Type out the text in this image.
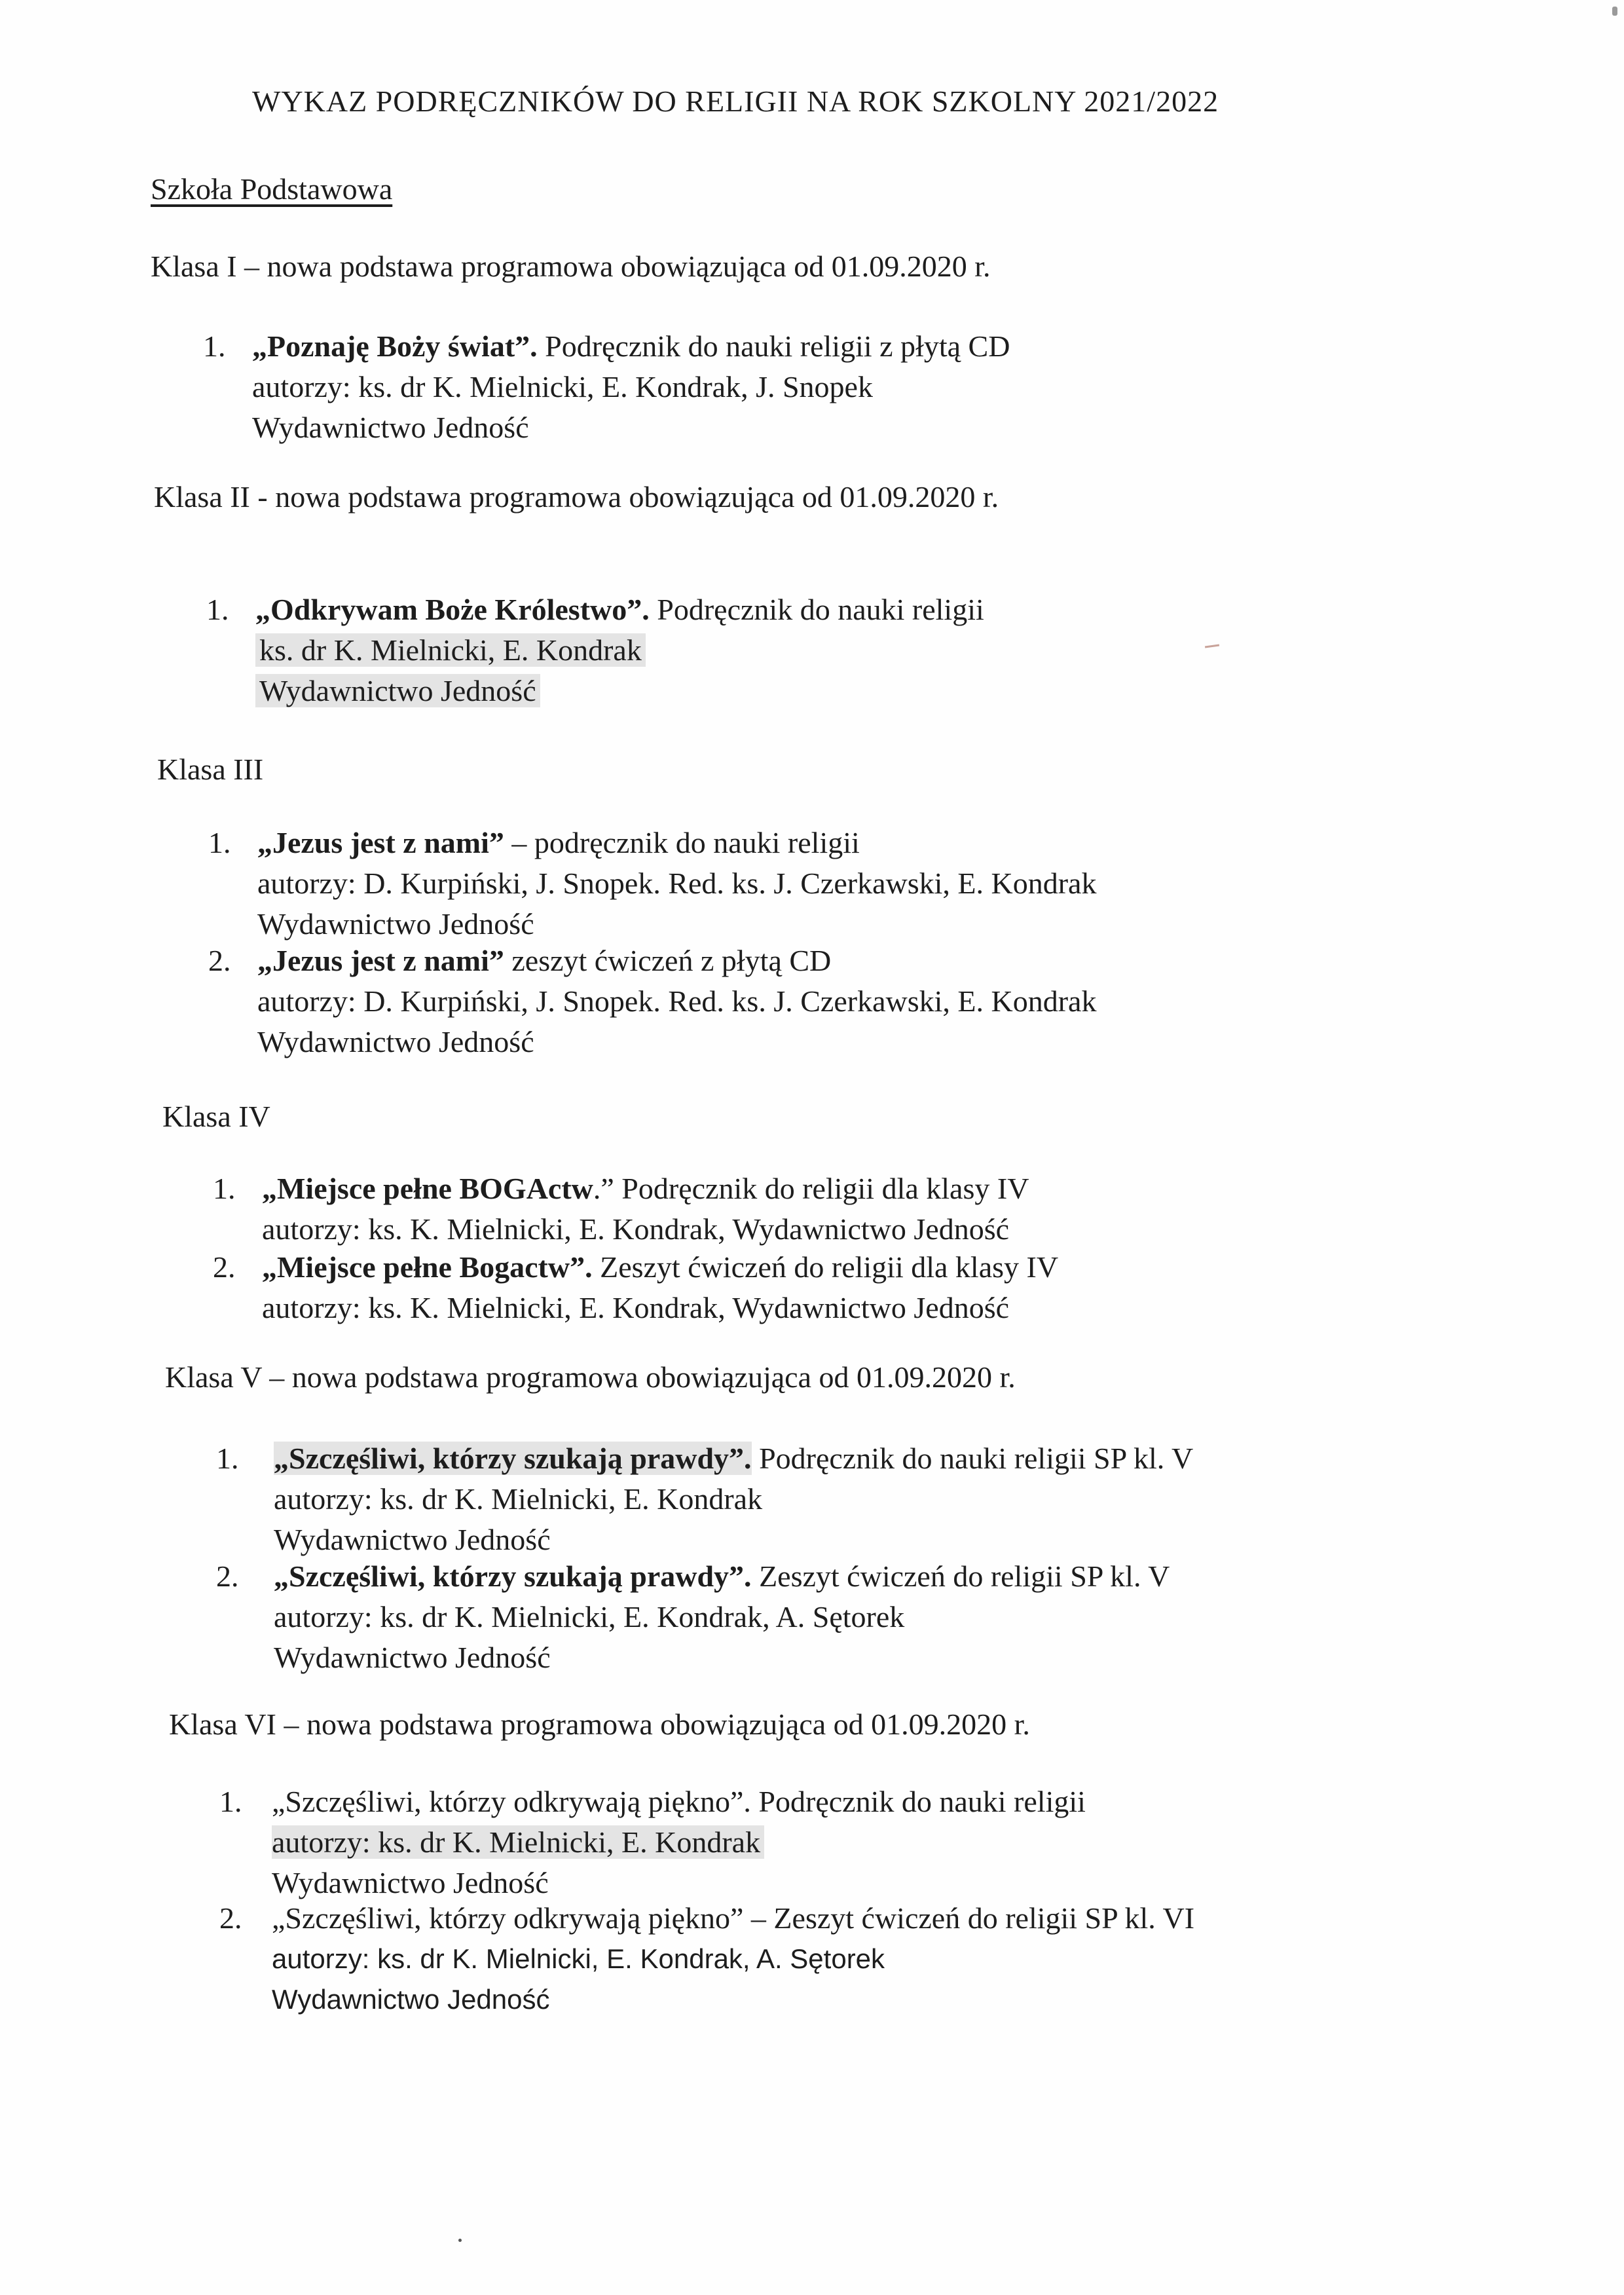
WYKAZ PODRĘCZNIKÓW DO RELIGII NA ROK SZKOLNY 2021/2022
Szkoła Podstawowa
Klasa I – nowa podstawa programowa obowiązująca od 01.09.2020 r.
1. „Poznaję Boży świat”. Podręcznik do nauki religii z płytą CD
autorzy: ks. dr K. Mielnicki, E. Kondrak, J. Snopek
Wydawnictwo Jedność
Klasa II - nowa podstawa programowa obowiązująca od 01.09.2020 r.
1. „Odkrywam Boże Królestwo”. Podręcznik do nauki religii
ks. dr K. Mielnicki, E. Kondrak
Wydawnictwo Jedność
Klasa III
1. „Jezus jest z nami” – podręcznik do nauki religii
autorzy: D. Kurpiński, J. Snopek. Red. ks. J. Czerkawski, E. Kondrak
Wydawnictwo Jedność
2. „Jezus jest z nami” zeszyt ćwiczeń z płytą CD
autorzy: D. Kurpiński, J. Snopek. Red. ks. J. Czerkawski, E. Kondrak
Wydawnictwo Jedność
Klasa IV
1. „Miejsce pełne BOGActw.” Podręcznik do religii dla klasy IV
autorzy: ks. K. Mielnicki, E. Kondrak, Wydawnictwo Jedność
2. „Miejsce pełne Bogactw”. Zeszyt ćwiczeń do religii dla klasy IV
autorzy: ks. K. Mielnicki, E. Kondrak, Wydawnictwo Jedność
Klasa V – nowa podstawa programowa obowiązująca od 01.09.2020 r.
1. „Szczęśliwi, którzy szukają prawdy”. Podręcznik do nauki religii SP kl. V
autorzy: ks. dr K. Mielnicki, E. Kondrak
Wydawnictwo Jedność
2. „Szczęśliwi, którzy szukają prawdy”. Zeszyt ćwiczeń do religii SP kl. V
autorzy: ks. dr K. Mielnicki, E. Kondrak, A. Sętorek
Wydawnictwo Jedność
Klasa VI – nowa podstawa programowa obowiązująca od 01.09.2020 r.
1. „Szczęśliwi, którzy odkrywają piękno”. Podręcznik do nauki religii
autorzy: ks. dr K. Mielnicki, E. Kondrak
Wydawnictwo Jedność
2. „Szczęśliwi, którzy odkrywają piękno” – Zeszyt ćwiczeń do religii SP kl. VI
autorzy: ks. dr K. Mielnicki, E. Kondrak, A. Sętorek
Wydawnictwo Jedność
